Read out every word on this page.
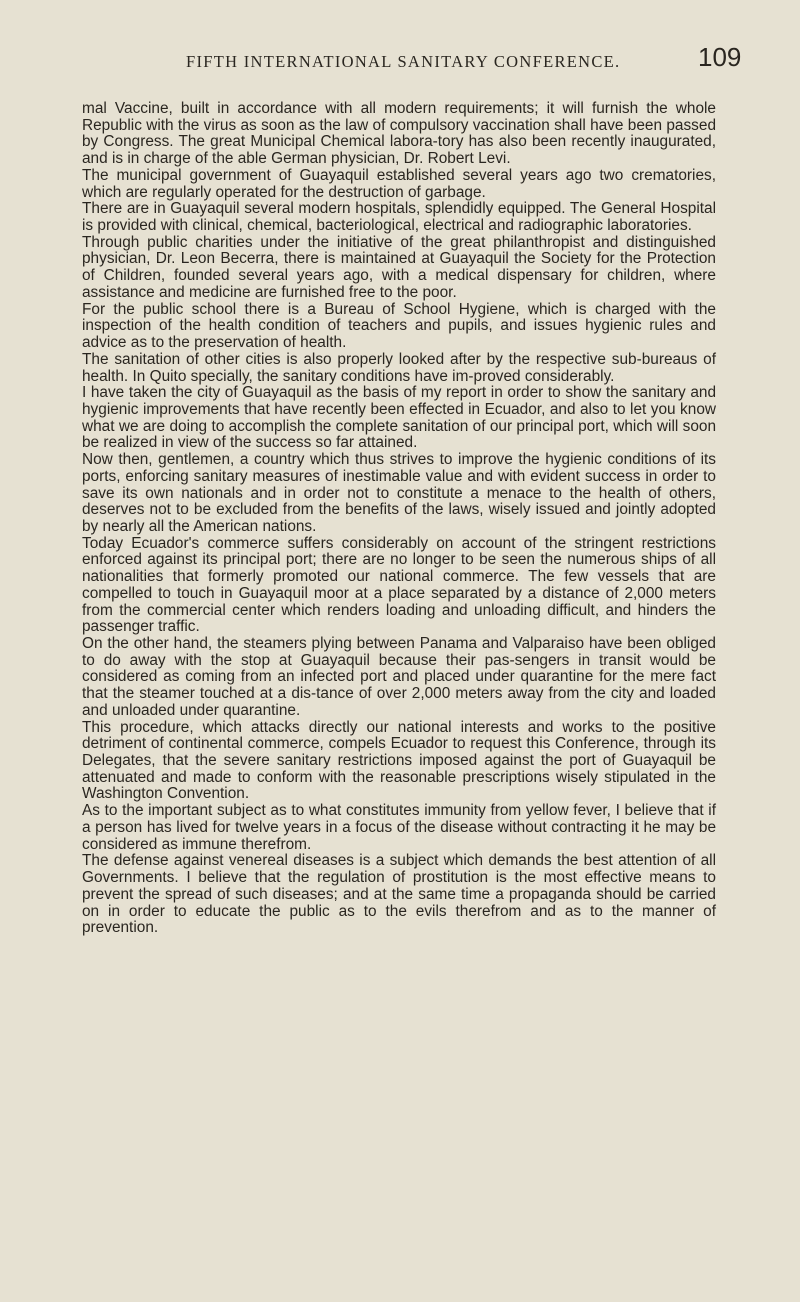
FIFTH INTERNATIONAL SANITARY CONFERENCE.	109

mal Vaccine, built in accordance with all modern requirements; it will furnish the whole Republic with the virus as soon as the law of compulsory vaccination shall have been passed by Congress. The great Municipal Chemical labora-tory has also been recently inaugurated, and is in charge of the able German physician, Dr. Robert Levi.

The municipal government of Guayaquil established several years ago two crematories, which are regularly operated for the destruction of garbage.

There are in Guayaquil several modern hospitals, splendidly equipped. The General Hospital is provided with clinical, chemical, bacteriological, electrical and radiographic laboratories.

Through public charities under the initiative of the great philanthropist and distinguished physician, Dr. Leon Becerra, there is maintained at Guayaquil the Society for the Protection of Children, founded several years ago, with a medical dispensary for children, where assistance and medicine are furnished free to the poor.

For the public school there is a Bureau of School Hygiene, which is charged with the inspection of the health condition of teachers and pupils, and issues hygienic rules and advice as to the preservation of health.

The sanitation of other cities is also properly looked after by the respective sub-bureaus of health. In Quito specially, the sanitary conditions have im-proved considerably.

I have taken the city of Guayaquil as the basis of my report in order to show the sanitary and hygienic improvements that have recently been effected in Ecuador, and also to let you know what we are doing to accomplish the complete sanitation of our principal port, which will soon be realized in view of the success so far attained.

Now then, gentlemen, a country which thus strives to improve the hygienic conditions of its ports, enforcing sanitary measures of inestimable value and with evident success in order to save its own nationals and in order not to constitute a menace to the health of others, deserves not to be excluded from the benefits of the laws, wisely issued and jointly adopted by nearly all the American nations.

Today Ecuador's commerce suffers considerably on account of the stringent restrictions enforced against its principal port; there are no longer to be seen the numerous ships of all nationalities that formerly promoted our national commerce. The few vessels that are compelled to touch in Guayaquil moor at a place separated by a distance of 2,000 meters from the commercial center which renders loading and unloading difficult, and hinders the passenger traffic.

On the other hand, the steamers plying between Panama and Valparaiso have been obliged to do away with the stop at Guayaquil because their pas-sengers in transit would be considered as coming from an infected port and placed under quarantine for the mere fact that the steamer touched at a dis-tance of over 2,000 meters away from the city and loaded and unloaded under quarantine.

This procedure, which attacks directly our national interests and works to the positive detriment of continental commerce, compels Ecuador to request this Conference, through its Delegates, that the severe sanitary restrictions imposed against the port of Guayaquil be attenuated and made to conform with the reasonable prescriptions wisely stipulated in the Washington Convention.

As to the important subject as to what constitutes immunity from yellow fever, I believe that if a person has lived for twelve years in a focus of the disease without contracting it he may be considered as immune therefrom.

The defense against venereal diseases is a subject which demands the best attention of all Governments. I believe that the regulation of prostitution is the most effective means to prevent the spread of such diseases; and at the same time a propaganda should be carried on in order to educate the public as to the evils therefrom and as to the manner of prevention.
